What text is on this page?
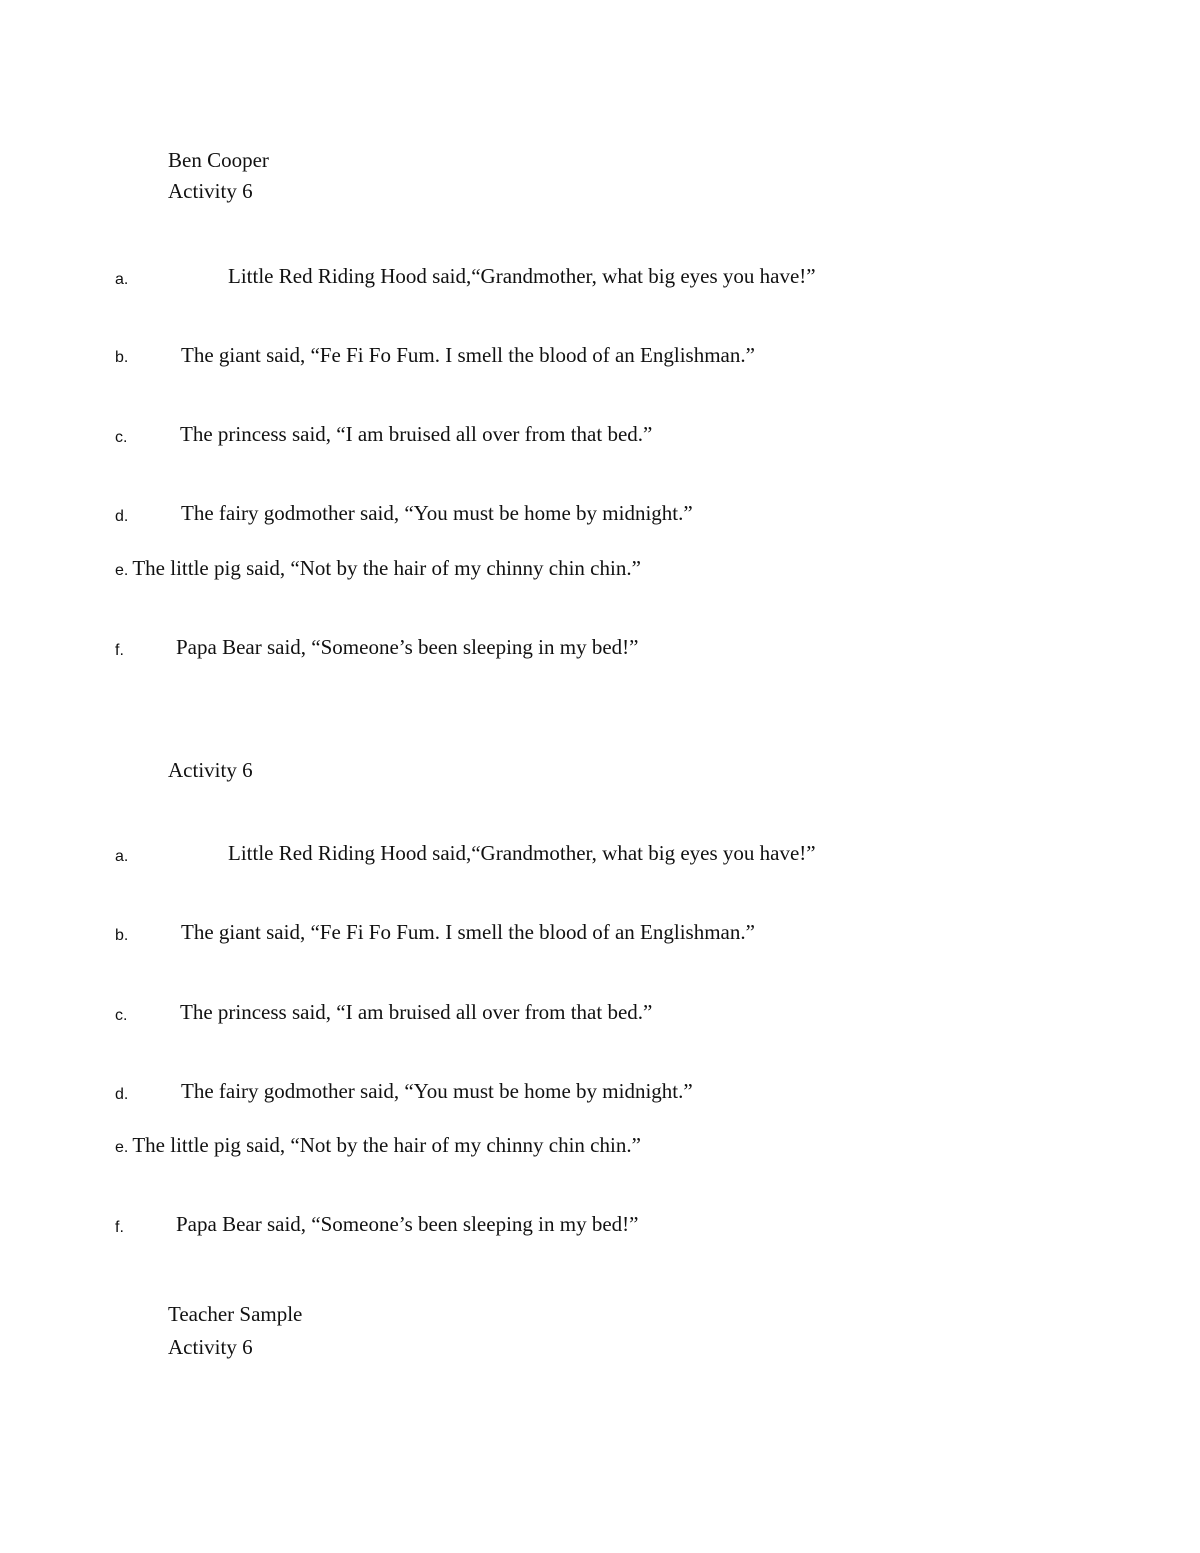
Ben Cooper
Activity 6
a.	Little Red Riding Hood said,“Grandmother, what big eyes you have!”
b.	The giant said, “Fe Fi Fo Fum. I smell the blood of an Englishman.”
c.	The princess said, “I am bruised all over from that bed.”
d.	The fairy godmother said, “You must be home by midnight.”
e. The little pig said, “Not by the hair of my chinny chin chin.”
f. Papa Bear said, “Someone’s been sleeping in my bed!”
Activity 6
a.	Little Red Riding Hood said,“Grandmother, what big eyes you have!”
b.	The giant said, “Fe Fi Fo Fum. I smell the blood of an Englishman.”
c.	The princess said, “I am bruised all over from that bed.”
d.	The fairy godmother said, “You must be home by midnight.”
e. The little pig said, “Not by the hair of my chinny chin chin.”
f. Papa Bear said, “Someone’s been sleeping in my bed!”
Teacher Sample
Activity 6
